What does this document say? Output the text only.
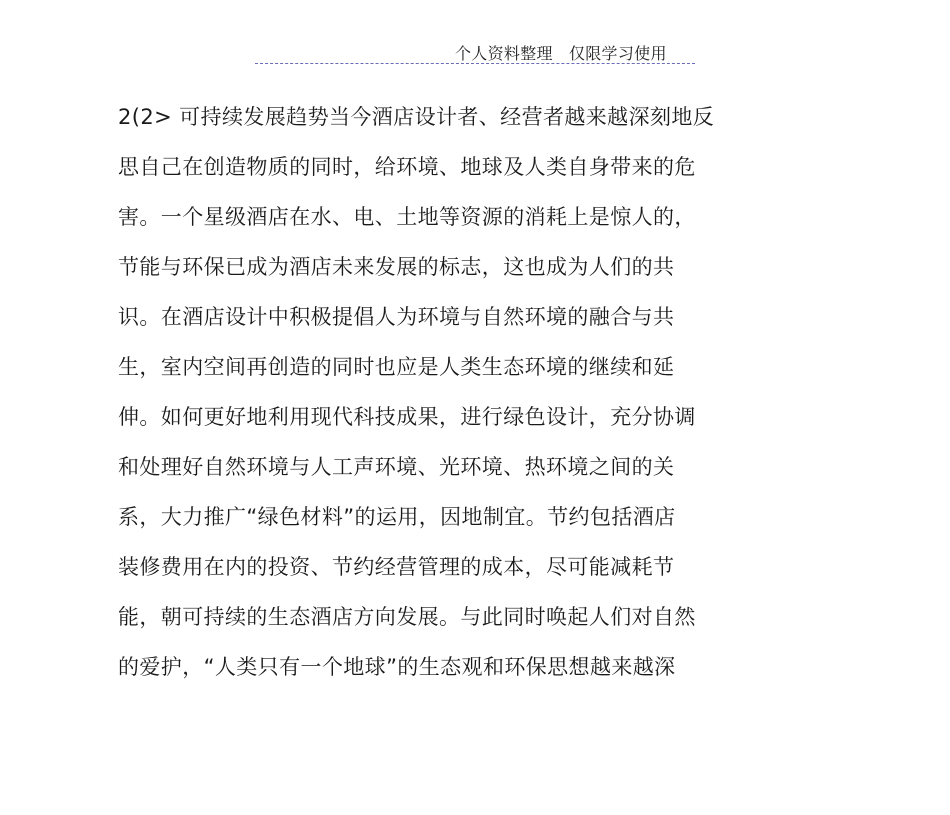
个人资料整理   仅限学习使用
2(2> 可持续发展趋势当今酒店设计者、经营者越来越深刻地反
思自己在创造物质的同时，给环境、地球及人类自身带来的危
害。一个星级酒店在水、电、土地等资源的消耗上是惊人的，
节能与环保已成为酒店未来发展的标志，这也成为人们的共
识。在酒店设计中积极提倡人为环境与自然环境的融合与共
生，室内空间再创造的同时也应是人类生态环境的继续和延
伸。如何更好地利用现代科技成果，进行绿色设计，充分协调
和处理好自然环境与人工声环境、光环境、热环境之间的关
系，大力推广“绿色材料”的运用，因地制宜。节约包括酒店
装修费用在内的投资、节约经营管理的成本，尽可能减耗节
能，朝可持续的生态酒店方向发展。与此同时唤起人们对自然
的爱护，“人类只有一个地球”的生态观和环保思想越来越深
